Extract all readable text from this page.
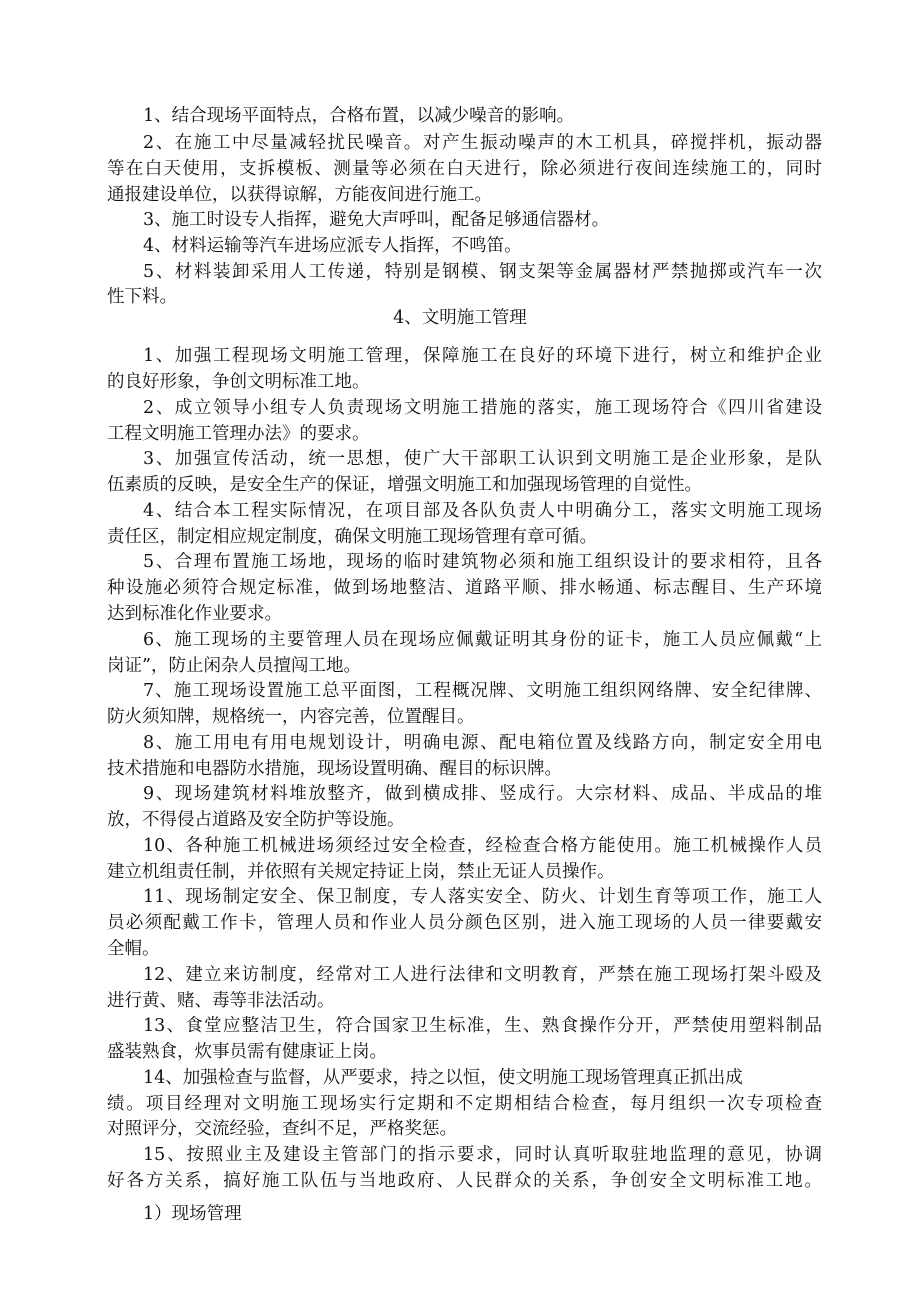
1、结合现场平面特点，合格布置，以减少噪音的影响。
2、在施工中尽量减轻扰民噪音。对产生振动噪声的木工机具，碎搅拌机，振动器
等在白天使用，支拆模板、测量等必须在白天进行，除必须进行夜间连续施工的，同时
通报建设单位，以获得谅解，方能夜间进行施工。
3、施工时设专人指挥，避免大声呼叫，配备足够通信器材。
4、材料运输等汽车进场应派专人指挥，不鸣笛。
5、材料装卸采用人工传递，特别是钢模、钢支架等金属器材严禁抛掷或汽车一次
性下料。
4、文明施工管理
1、加强工程现场文明施工管理，保障施工在良好的环境下进行，树立和维护企业
的良好形象，争创文明标准工地。
2、成立领导小组专人负责现场文明施工措施的落实，施工现场符合《四川省建设
工程文明施工管理办法》的要求。
3、加强宣传活动，统一思想，使广大干部职工认识到文明施工是企业形象，是队
伍素质的反映，是安全生产的保证，增强文明施工和加强现场管理的自觉性。
4、结合本工程实际情况，在项目部及各队负责人中明确分工，落实文明施工现场
责任区，制定相应规定制度，确保文明施工现场管理有章可循。
5、合理布置施工场地，现场的临时建筑物必须和施工组织设计的要求相符，且各
种设施必须符合规定标准，做到场地整洁、道路平顺、排水畅通、标志醒目、生产环境
达到标准化作业要求。
6、施工现场的主要管理人员在现场应佩戴证明其身份的证卡，施工人员应佩戴“上
岗证”，防止闲杂人员擅闯工地。
7、施工现场设置施工总平面图，工程概况牌、文明施工组织网络牌、安全纪律牌、
防火须知牌，规格统一，内容完善，位置醒目。
8、施工用电有用电规划设计，明确电源、配电箱位置及线路方向，制定安全用电
技术措施和电器防水措施，现场设置明确、醒目的标识牌。
9、现场建筑材料堆放整齐，做到横成排、竖成行。大宗材料、成品、半成品的堆
放，不得侵占道路及安全防护等设施。
10、各种施工机械进场须经过安全检查，经检查合格方能使用。施工机械操作人员
建立机组责任制，并依照有关规定持证上岗，禁止无证人员操作。
11、现场制定安全、保卫制度，专人落实安全、防火、计划生育等项工作，施工人
员必须配戴工作卡，管理人员和作业人员分颜色区别，进入施工现场的人员一律要戴安
全帽。
12、建立来访制度，经常对工人进行法律和文明教育，严禁在施工现场打架斗殴及
进行黄、赌、毒等非法活动。
13、食堂应整洁卫生，符合国家卫生标准，生、熟食操作分开，严禁使用塑料制品
盛装熟食，炊事员需有健康证上岗。
14、加强检查与监督，从严要求，持之以恒，使文明施工现场管理真正抓出成
绩。项目经理对文明施工现场实行定期和不定期相结合检查，每月组织一次专项检查
对照评分，交流经验，查纠不足，严格奖惩。
15、按照业主及建设主管部门的指示要求，同时认真听取驻地监理的意见，协调
好各方关系，搞好施工队伍与当地政府、人民群众的关系，争创安全文明标准工地。
1）现场管理
